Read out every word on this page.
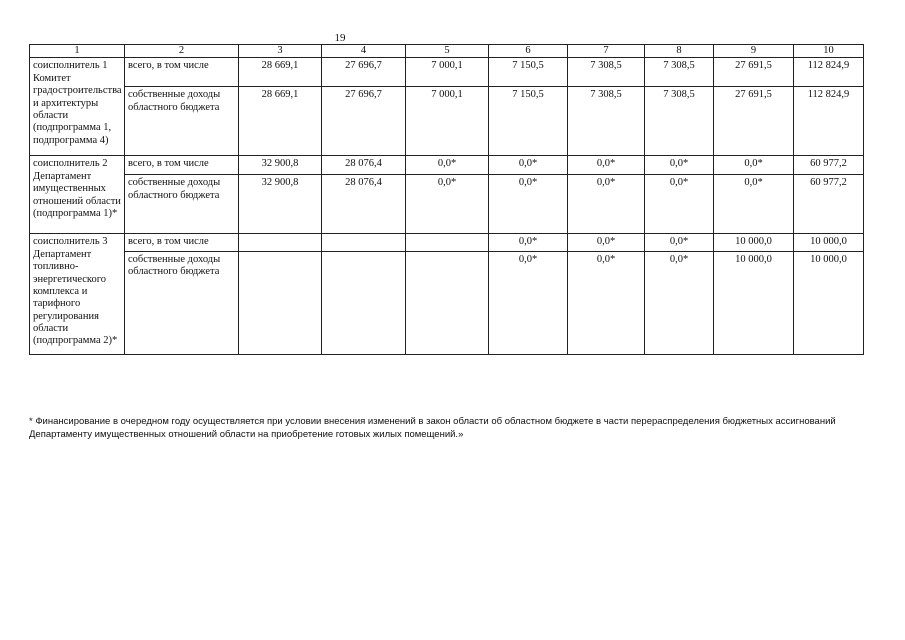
19
1	2	3	4	5	6	7	8	9	10
соисполнитель 1 Комитет градостроительства и архитектуры области (подпрограмма 1, подпрограмма 4)	всего, в том числе	28 669,1	27 696,7	7 000,1	7 150,5	7 308,5	7 308,5	27 691,5	112 824,9
	собственные доходы областного бюджета	28 669,1	27 696,7	7 000,1	7 150,5	7 308,5	7 308,5	27 691,5	112 824,9
соисполнитель 2 Департамент имущественных отношений области (подпрограмма 1)*	всего, в том числе	32 900,8	28 076,4	0,0*	0,0*	0,0*	0,0*	0,0*	60 977,2
	собственные доходы областного бюджета	32 900,8	28 076,4	0,0*	0,0*	0,0*	0,0*	0,0*	60 977,2
соисполнитель 3 Департамент топливно-энергетического комплекса и тарифного регулирования области (подпрограмма 2)*	всего, в том числе				0,0*	0,0*	0,0*	10 000,0	10 000,0
	собственные доходы областного бюджета				0,0*	0,0*	0,0*	10 000,0	10 000,0
* Финансирование в очередном году осуществляется при условии внесения изменений в закон области об областном бюджете в части перераспределения бюджетных ассигнований Департаменту имущественных отношений области на приобретение готовых жилых помещений.»
